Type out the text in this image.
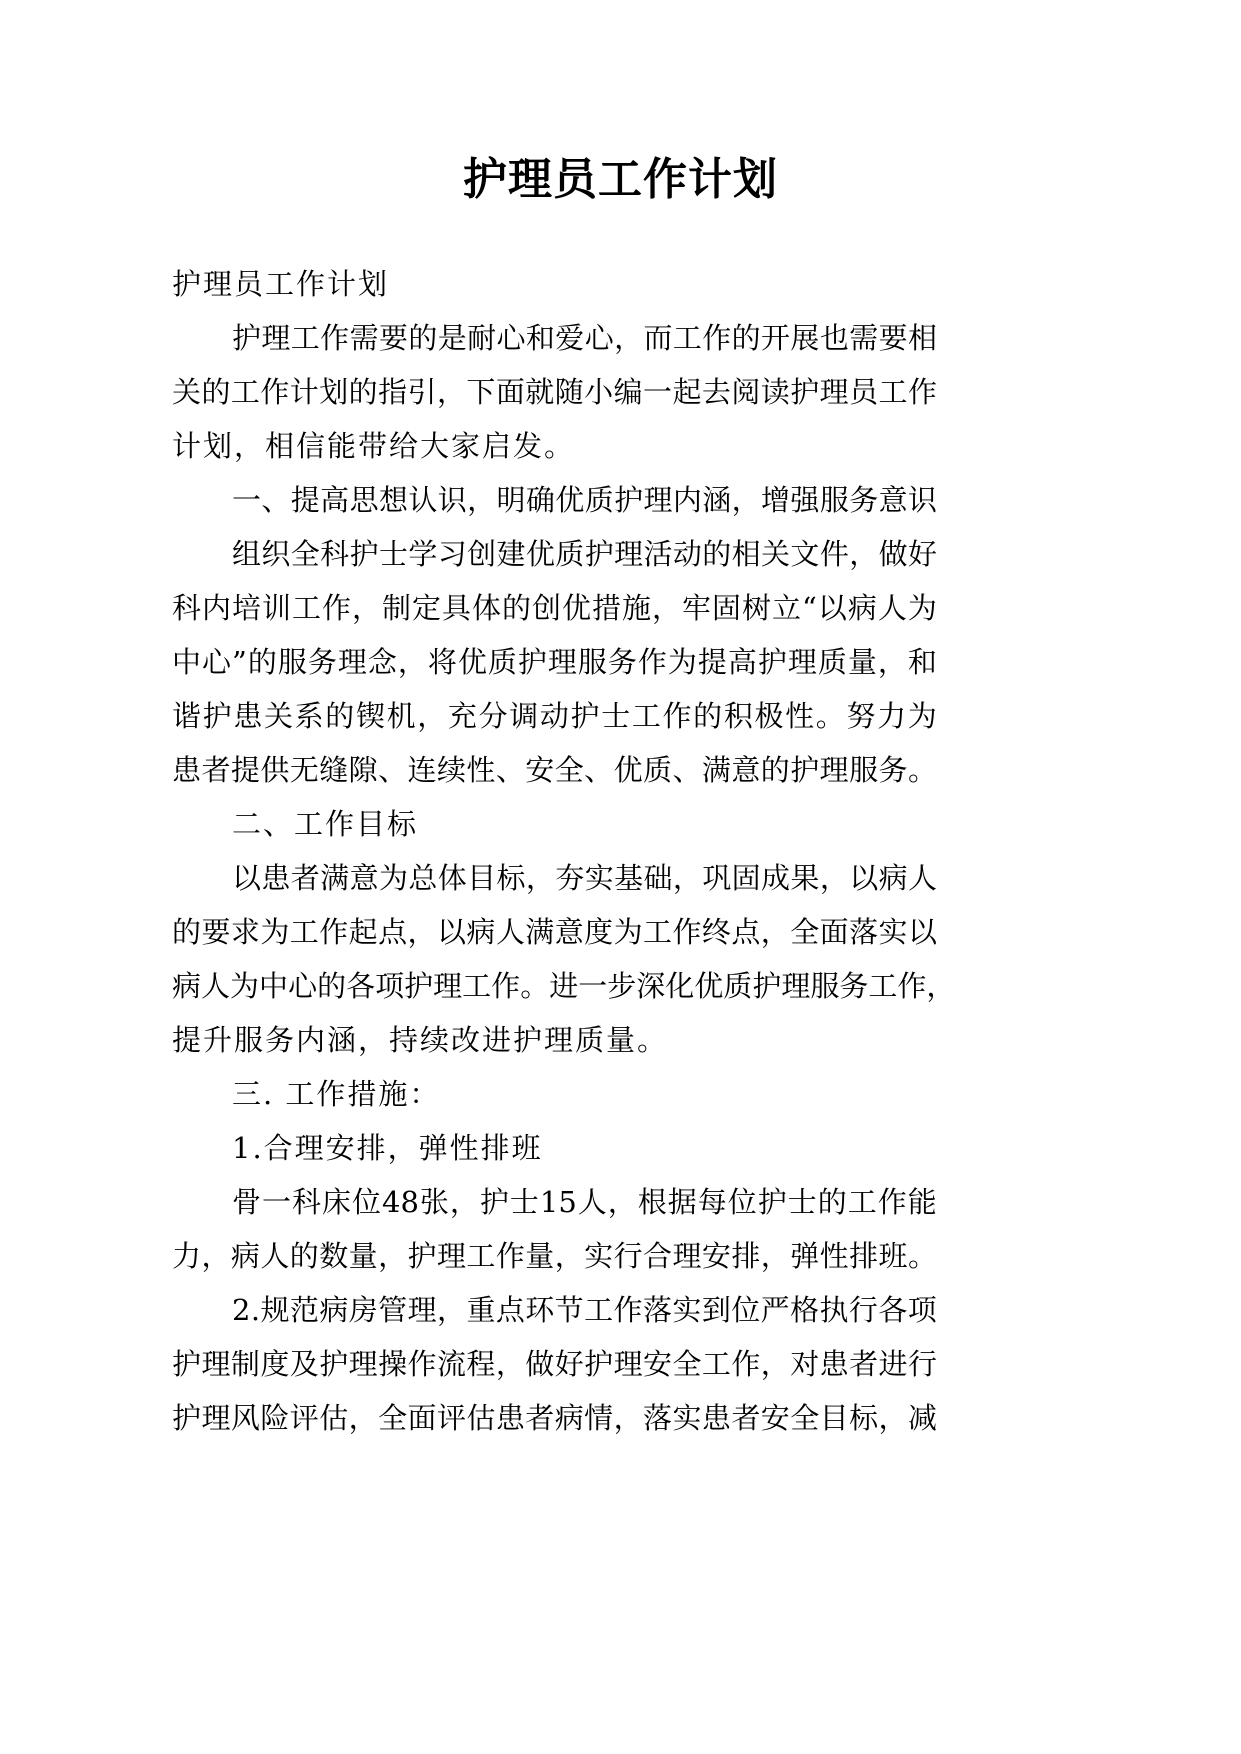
护理员工作计划
护理员工作计划
护 理 工 作 需 要 的 是 耐 心 和 爱 心 ， 而 工 作 的 开 展 也 需 要 相
关 的 工 作 计 划 的 指 引 ， 下 面 就 随 小 编 一 起 去 阅 读 护 理 员 工 作
计划，相信能带给大家启发。
一 、 提 高 思 想 认 识 ， 明 确 优 质 护 理 内 涵 ， 增 强 服 务 意 识
组 织 全 科 护 士 学 习 创 建 优 质 护 理 活 动 的 相 关 文 件 ， 做 好
科 内 培 训 工 作 ， 制 定 具 体 的 创 优 措 施 ， 牢 固 树 立 “ 以 病 人 为
中 心 ” 的 服 务 理 念 ， 将 优 质 护 理 服 务 作 为 提 高 护 理 质 量 ， 和
谐 护 患 关 系 的 锲 机 ， 充 分 调 动 护 士 工 作 的 积 极 性 。 努 力 为
患 者 提 供 无 缝 隙 、 连 续 性 、 安 全 、 优 质 、 满 意 的 护 理 服 务 。
二、工作目标
以 患 者 满 意 为 总 体 目 标 ， 夯 实 基 础 ， 巩 固 成 果 ， 以 病 人
的 要 求 为 工 作 起 点 ， 以 病 人 满 意 度 为 工 作 终 点 ， 全 面 落 实 以
病 人 为 中 心 的 各 项 护 理 工 作 。 进 一 步 深 化 优 质 护 理 服 务 工 作 ，
提升服务内涵，持续改进护理质量。
三. 工作措施：
1.合理安排，弹性排班
骨 一 科 床 位 48 张 ， 护 士 15 人 ， 根 据 每 位 护 士 的 工 作 能
力 ， 病 人 的 数 量 ， 护 理 工 作 量 ， 实 行 合 理 安 排 ， 弹 性 排 班 。
2 . 规 范 病 房 管 理 ， 重 点 环 节 工 作 落 实 到 位 严 格 执 行 各 项
护 理 制 度 及 护 理 操 作 流 程 ， 做 好 护 理 安 全 工 作 ， 对 患 者 进 行
护 理 风 险 评 估 ， 全 面 评 估 患 者 病 情 ， 落 实 患 者 安 全 目 标 ， 减
